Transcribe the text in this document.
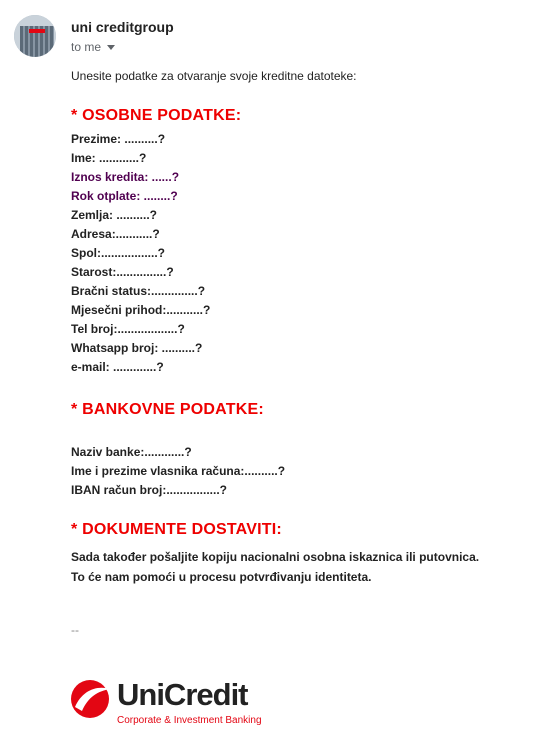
uni creditgroup
to me
Unesite podatke za otvaranje svoje kreditne datoteke:
* OSOBNE PODATKE:
Prezime: ..........?
Ime: ............?
Iznos kredita: ......?
Rok otplate: ........?
Zemlja: ..........?
Adresa:...........?
Spol:.................?
Starost:...............?
Bračni status:..............?
Mjesečni prihod:...........?
Tel broj:..................?
Whatsapp broj: ..........?
e-mail: .............?
* BANKOVNE PODATKE:
Naziv banke:............?
Ime i prezime vlasnika računa:..........?
IBAN račun broj:................?
* DOKUMENTE DOSTAVITI:
Sada također pošaljite kopiju nacionalni osobna iskaznica ili putovnica.
To će nam pomoći u procesu potvrđivanju identiteta.
--
UniCredit
Corporate & Investment Banking
